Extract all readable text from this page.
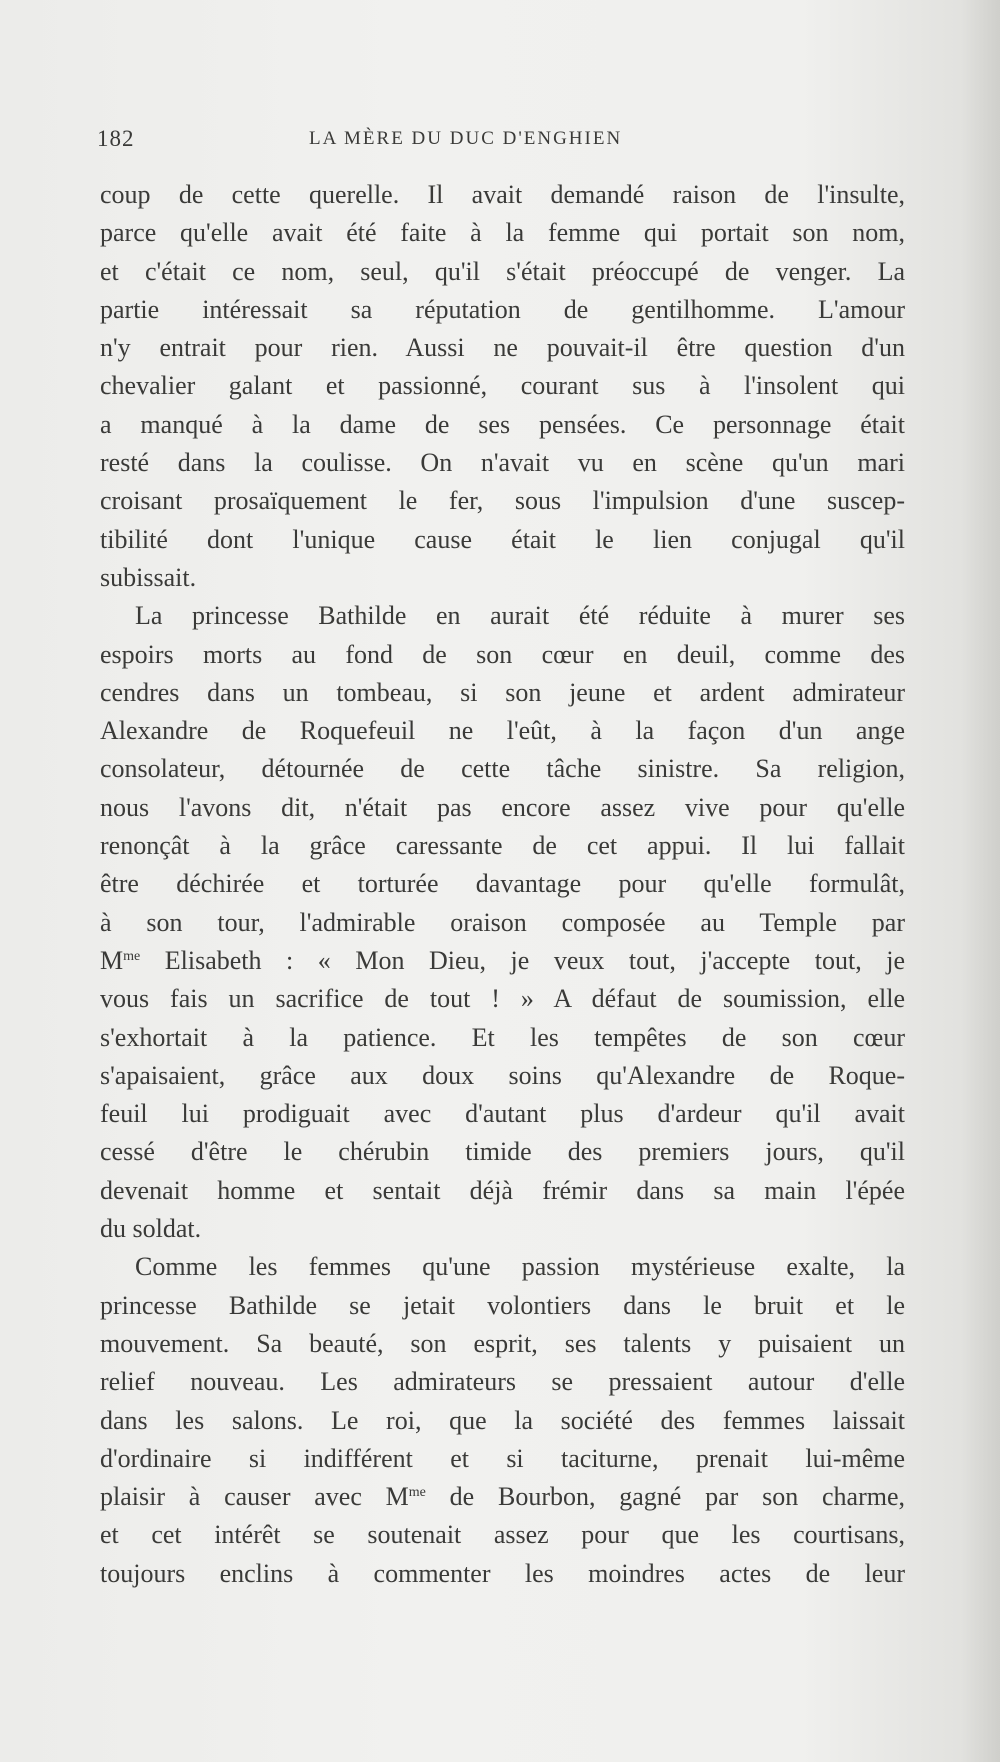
182	LA MÈRE DU DUC D'ENGHIEN

coup de cette querelle. Il avait demandé raison de l'insulte,
parce qu'elle avait été faite à la femme qui portait son nom,
et c'était ce nom, seul, qu'il s'était préoccupé de venger. La
partie intéressait sa réputation de gentilhomme. L'amour
n'y entrait pour rien. Aussi ne pouvait-il être question d'un
chevalier galant et passionné, courant sus à l'insolent qui
a manqué à la dame de ses pensées. Ce personnage était
resté dans la coulisse. On n'avait vu en scène qu'un mari
croisant prosaïquement le fer, sous l'impulsion d'une suscep-
tibilité dont l'unique cause était le lien conjugal qu'il
subissait.

La princesse Bathilde en aurait été réduite à murer ses
espoirs morts au fond de son cœur en deuil, comme des
cendres dans un tombeau, si son jeune et ardent admirateur
Alexandre de Roquefeuil ne l'eût, à la façon d'un ange
consolateur, détournée de cette tâche sinistre. Sa religion,
nous l'avons dit, n'était pas encore assez vive pour qu'elle
renonçât à la grâce caressante de cet appui. Il lui fallait
être déchirée et torturée davantage pour qu'elle formulât,
à son tour, l'admirable oraison composée au Temple par
$M^{me}$ Elisabeth : « Mon Dieu, je veux tout, j'accepte tout, je
vous fais un sacrifice de tout ! » A défaut de soumission, elle
s'exhortait à la patience. Et les tempêtes de son cœur
s'apaisaient, grâce aux doux soins qu'Alexandre de Roque-
feuil lui prodiguait avec d'autant plus d'ardeur qu'il avait
cessé d'être le chérubin timide des premiers jours, qu'il
devenait homme et sentait déjà frémir dans sa main l'épée
du soldat.

Comme les femmes qu'une passion mystérieuse exalte, la
princesse Bathilde se jetait volontiers dans le bruit et le
mouvement. Sa beauté, son esprit, ses talents y puisaient un
relief nouveau. Les admirateurs se pressaient autour d'elle
dans les salons. Le roi, que la société des femmes laissait
d'ordinaire si indifférent et si taciturne, prenait lui-même
plaisir à causer avec $M^{me}$ de Bourbon, gagné par son charme,
et cet intérêt se soutenait assez pour que les courtisans,
toujours enclins à commenter les moindres actes de leur
